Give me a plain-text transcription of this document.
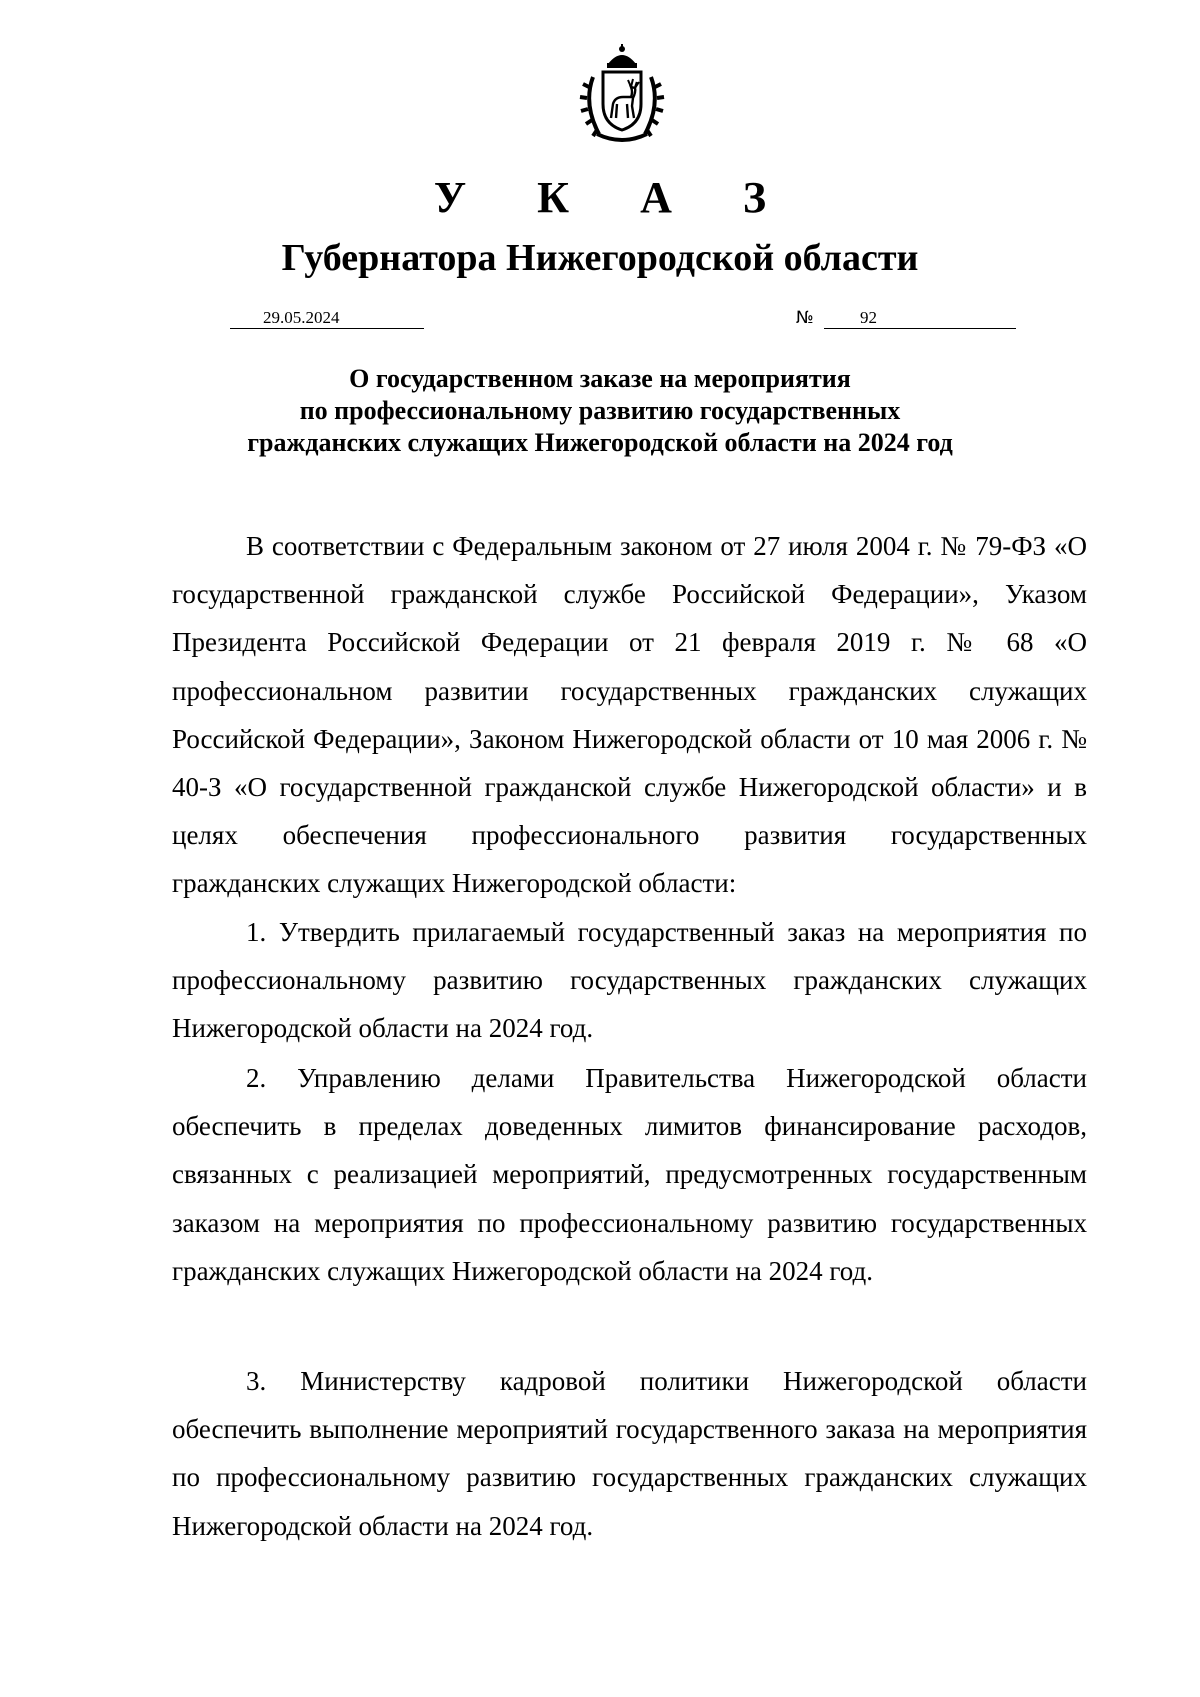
У К А З
Губернатора Нижегородской области
29.05.2024	№	92
О государственном заказе на мероприятия
по профессиональному развитию государственных
гражданских служащих Нижегородской области на 2024 год

В соответствии с Федеральным законом от 27 июля 2004 г. № 79-ФЗ «О государственной гражданской службе Российской Федерации», Указом Президента Российской Федерации от 21 февраля 2019 г. № 68 «О профессиональном развитии государственных гражданских служащих Российской Федерации», Законом Нижегородской области от 10 мая 2006 г. № 40-З «О государственной гражданской службе Нижегородской области» и в целях обеспечения профессионального развития государственных гражданских служащих Нижегородской области:

1. Утвердить прилагаемый государственный заказ на мероприятия по профессиональному развитию государственных гражданских служащих Нижегородской области на 2024 год.

2. Управлению делами Правительства Нижегородской области обеспечить в пределах доведенных лимитов финансирование расходов, связанных с реализацией мероприятий, предусмотренных государственным заказом на мероприятия по профессиональному развитию государственных гражданских служащих Нижегородской области на 2024 год.

3. Министерству кадровой политики Нижегородской области обеспечить выполнение мероприятий государственного заказа на мероприятия по профессиональному развитию государственных гражданских служащих Нижегородской области на 2024 год.
